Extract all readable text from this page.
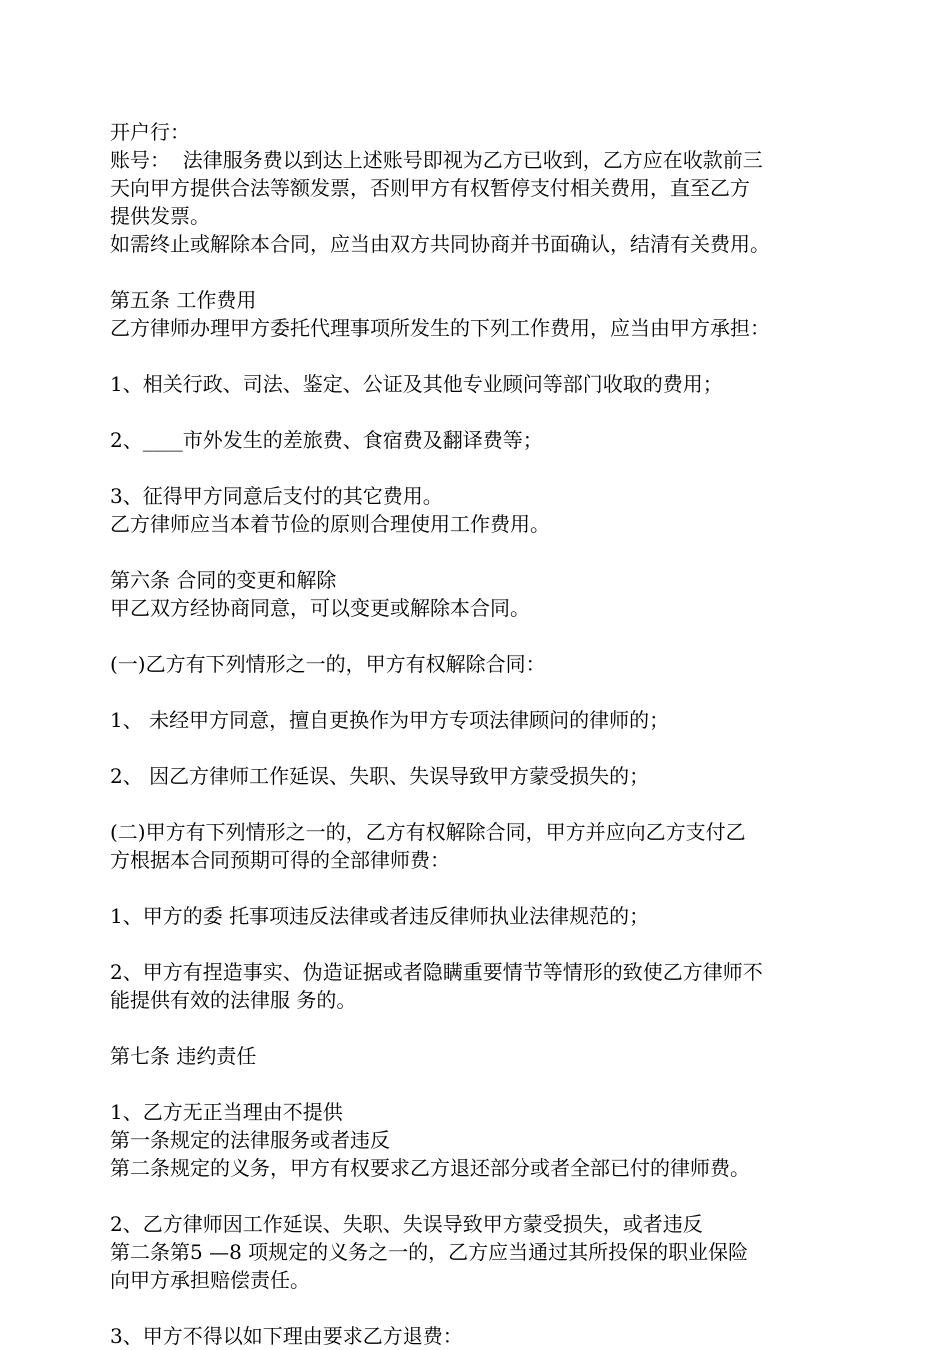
开户行：
账号：  法律服务费以到达上述账号即视为乙方已收到，乙方应在收款前三
天向甲方提供合法等额发票，否则甲方有权暂停支付相关费用，直至乙方
提供发票。
如需终止或解除本合同，应当由双方共同协商并书面确认，结清有关费用。
第五条 工作费用
乙方律师办理甲方委托代理事项所发生的下列工作费用，应当由甲方承担：
1、相关行政、司法、鉴定、公证及其他专业顾问等部门收取的费用；
2、____市外发生的差旅费、食宿费及翻译费等；
3、征得甲方同意后支付的其它费用。
乙方律师应当本着节俭的原则合理使用工作费用。
第六条 合同的变更和解除
甲乙双方经协商同意，可以变更或解除本合同。
(一)乙方有下列情形之一的，甲方有权解除合同：
1、 未经甲方同意，擅自更换作为甲方专项法律顾问的律师的；
2、 因乙方律师工作延误、失职、失误导致甲方蒙受损失的；
(二)甲方有下列情形之一的，乙方有权解除合同，甲方并应向乙方支付乙
方根据本合同预期可得的全部律师费：
1、甲方的委 托事项违反法律或者违反律师执业法律规范的；
2、甲方有捏造事实、伪造证据或者隐瞒重要情节等情形的致使乙方律师不
能提供有效的法律服 务的。
第七条 违约责任
1、乙方无正当理由不提供
第一条规定的法律服务或者违反
第二条规定的义务，甲方有权要求乙方退还部分或者全部已付的律师费。
2、乙方律师因工作延误、失职、失误导致甲方蒙受损失，或者违反
第二条第5 —8 项规定的义务之一的，乙方应当通过其所投保的职业保险
向甲方承担赔偿责任。
3、甲方不得以如下理由要求乙方退费：
